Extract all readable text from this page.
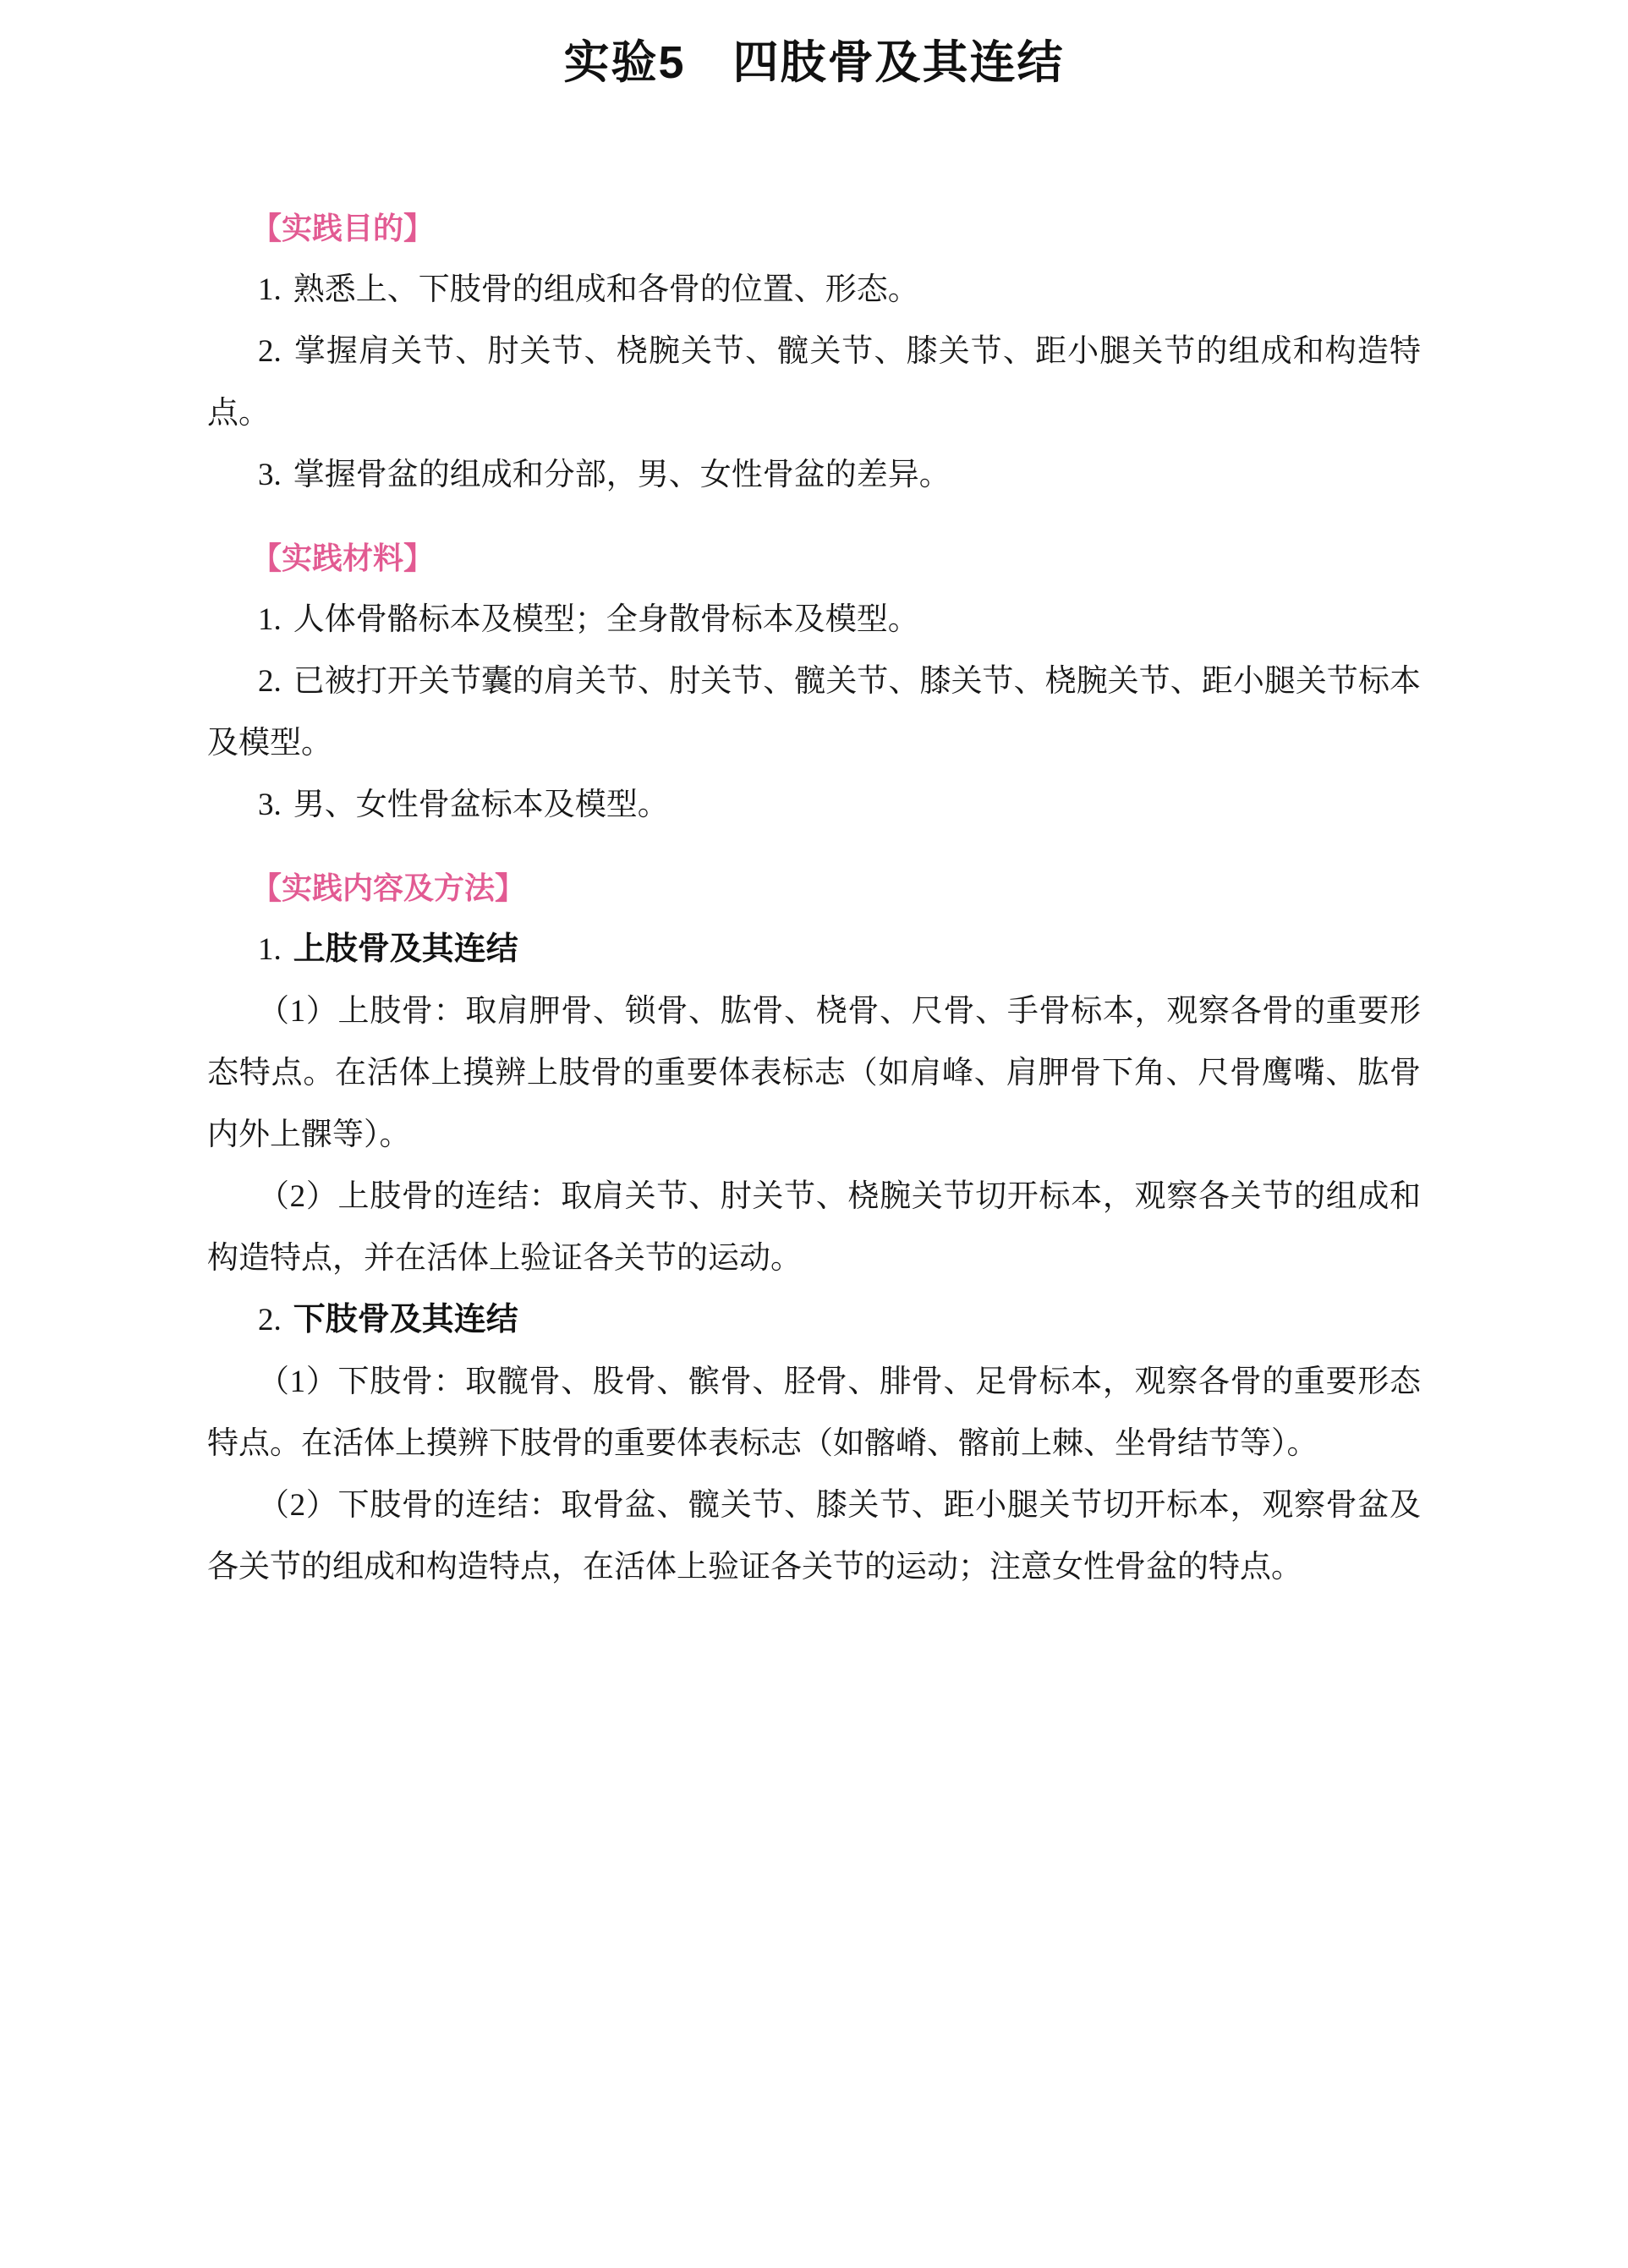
实验5　四肢骨及其连结
【实践目的】

1. 熟悉上、下肢骨的组成和各骨的位置、形态。

2. 掌握肩关节、肘关节、桡腕关节、髋关节、膝关节、距小腿关节的组成和构造特点。

3. 掌握骨盆的组成和分部，男、女性骨盆的差异。

【实践材料】

1. 人体骨骼标本及模型；全身散骨标本及模型。

2. 已被打开关节囊的肩关节、肘关节、髋关节、膝关节、桡腕关节、距小腿关节标本及模型。

3. 男、女性骨盆标本及模型。

【实践内容及方法】

1. 上肢骨及其连结

（1）上肢骨：取肩胛骨、锁骨、肱骨、桡骨、尺骨、手骨标本，观察各骨的重要形态特点。在活体上摸辨上肢骨的重要体表标志（如肩峰、肩胛骨下角、尺骨鹰嘴、肱骨内外上髁等）。

（2）上肢骨的连结：取肩关节、肘关节、桡腕关节切开标本，观察各关节的组成和构造特点，并在活体上验证各关节的运动。

2. 下肢骨及其连结

（1）下肢骨：取髋骨、股骨、髌骨、胫骨、腓骨、足骨标本，观察各骨的重要形态特点。在活体上摸辨下肢骨的重要体表标志（如髂嵴、髂前上棘、坐骨结节等）。

（2）下肢骨的连结：取骨盆、髋关节、膝关节、距小腿关节切开标本，观察骨盆及各关节的组成和构造特点，在活体上验证各关节的运动；注意女性骨盆的特点。
